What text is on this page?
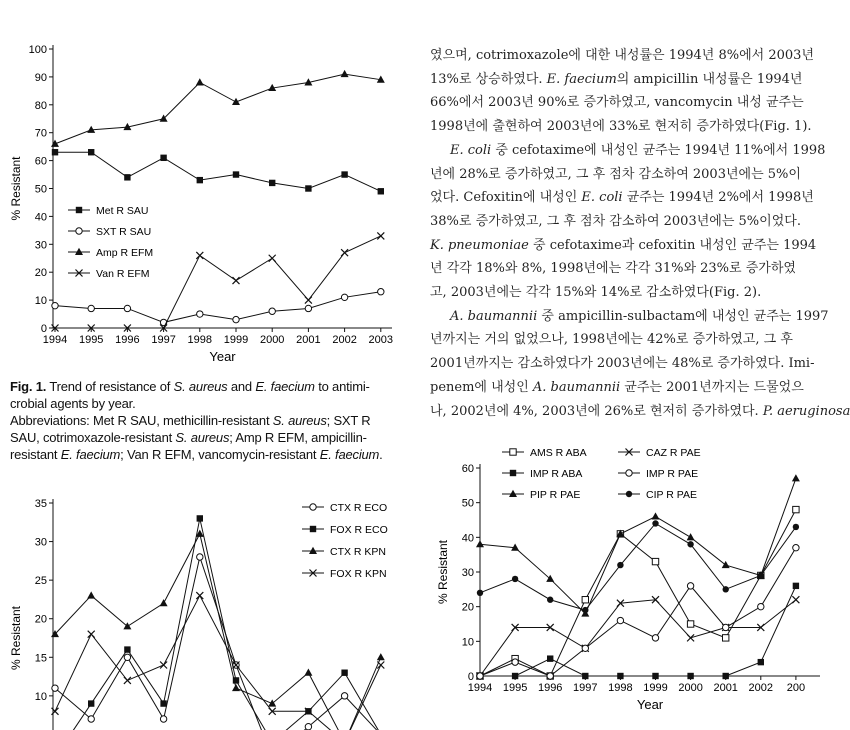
0
10
20
30
40
50
60
70
80
90
100
1994 1995 1996 1997 1998 1999 2000 2001 2002 2003
% Resistant
Year
Met R SAU
SXT R SAU
Amp R EFM
Van R EFM
10
15
20
25
30
35
% Resistant
CTX R ECO
FOX R ECO
CTX R KPN
FOX R KPN
0
10
20
30
40
50
60
1994 1995 1996 1997 1998 1999 2000 2001 2002 200
% Resistant
Year
AMS R ABA	CAZ R PAE
IMP R ABA	IMP R PAE
PIP R PAE	CIP R PAE

Fig. 1. Trend of resistance of S. aureus and E. faecium to antimi-crobial agents by year.

Abbreviations: Met R SAU, methicillin-resistant S. aureus; SXT R SAU, cotrimoxazole-resistant S. aureus; Amp R EFM, ampicillin-resistant E. faecium; Van R EFM, vancomycin-resistant E. faecium.

였으며, cotrimoxazole에 대한 내성률은 1994년 8%에서 2003년

13%로 상승하였다. E. faecium의 ampicillin 내성률은 1994년

66%에서 2003년 90%로 증가하였고, vancomycin 내성 균주는

1998년에 출현하여 2003년에 33%로 현저히 증가하였다(Fig. 1).

E. coli 중 cefotaxime에 내성인 균주는 1994년 11%에서 1998

년에 28%로 증가하였고, 그 후 점차 감소하여 2003년에는 5%이

었다. Cefoxitin에 내성인 E. coli 균주는 1994년 2%에서 1998년

38%로 증가하였고, 그 후 점차 감소하여 2003년에는 5%이었다.

K. pneumoniae 중 cefotaxime과 cefoxitin 내성인 균주는 1994

년 각각 18%와 8%, 1998년에는 각각 31%와 23%로 증가하였

고, 2003년에는 각각 15%와 14%로 감소하였다(Fig. 2).

A. baumannii 중 ampicillin-sulbactam에 내성인 균주는 1997

년까지는 거의 없었으나, 1998년에는 42%로 증가하였고, 그 후

2001년까지는 감소하였다가 2003년에는 48%로 증가하였다. Imi-

penem에 내성인 A. baumannii 균주는 2001년까지는 드물었으

나, 2002년에 4%, 2003년에 26%로 현저히 증가하였다. P. aeruginosa
